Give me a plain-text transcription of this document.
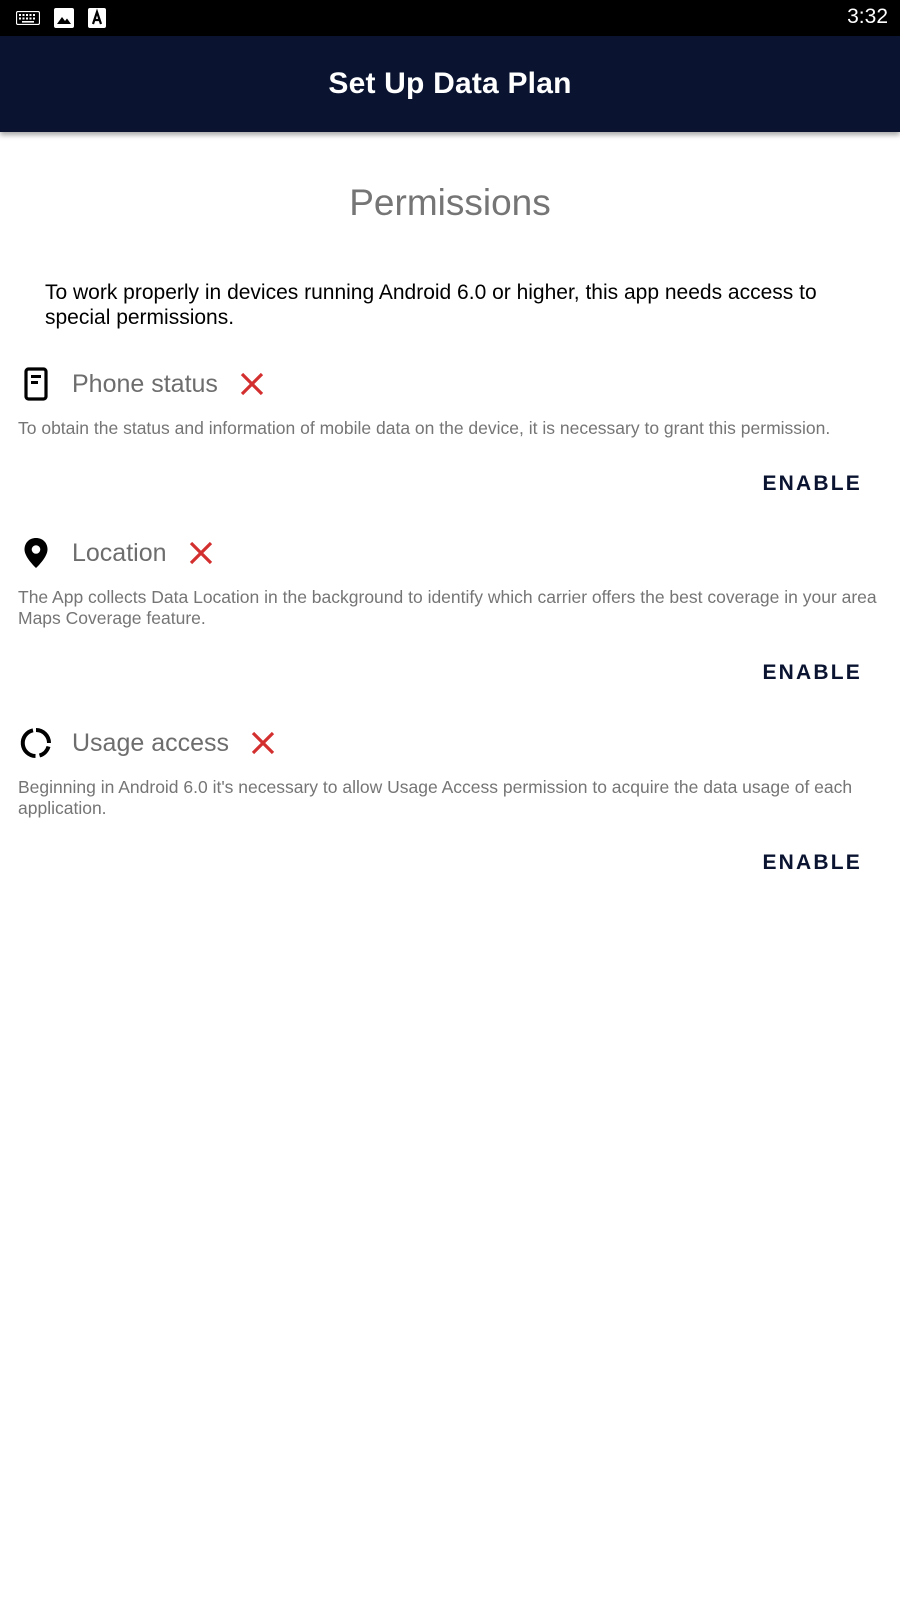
3:32
Set Up Data Plan
Permissions
To work properly in devices running Android 6.0 or higher, this app needs access to special permissions.
Phone status
To obtain the status and information of mobile data on the device, it is necessary to grant this permission.
ENABLE
Location
The App collects Data Location in the background to identify which carrier offers the best coverage in your area Maps Coverage feature.
ENABLE
Usage access
Beginning in Android 6.0 it's necessary to allow Usage Access permission to acquire the data usage of each application.
ENABLE
